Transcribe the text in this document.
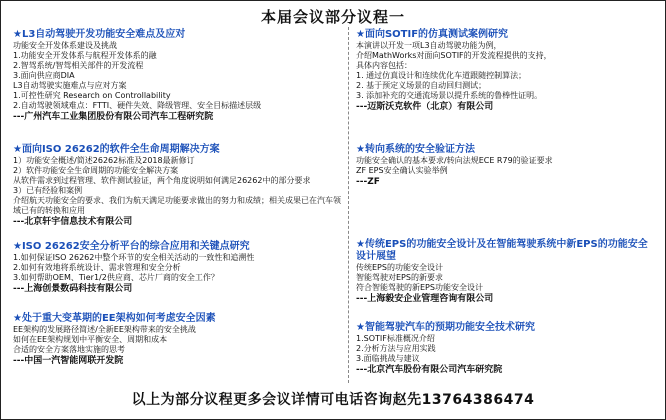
本届会议部分议程一
★L3自动驾驶开发功能安全难点及应对
功能安全开发体系建设及挑战
1.功能安全开发体系与航程开发体系的融
2.智驾系统/智驾相关部件的开发流程
3.面向供应商DIA
L3自动驾驶实施难点与应对方案
1.可控性研究 Research on Controllability
2.自动驾驶领域难点：FTTI、硬件失效、降级管理、安全目标描述层级
---广州汽车工业集团股份有限公司汽车工程研究院
★面向ISO 26262的软件全生命周期解决方案
1）功能安全概述/简述26262标准及2018最新修订
2）软件功能安全生命周期的功能安全解决方案
从软件需求到过程管理、软件测试验证，两个角度说明如何满足26262中的部分要求
3）已有经验和案例
介绍航天功能安全的要求、我们为航天满足功能要求做出的努力和成绩；相关成果已在汽车领域已有的转换和应用
---北京轩宇信息技术有限公司
★ISO 26262安全分析平台的综合应用和关键点研究
1.如何保证ISO 26262中整个环节的安全相关活动的一致性和追溯性
2.如何有效地将系统设计、需求管理和安全分析
3.如何帮助OEM、Tier1/2供应商、芯片厂商的安全工作？
---上海创景数码科技有限公司
★处于重大变革期的EE架构如何考虑安全因素
EE架构的发展路径简述/全新EE架构带来的安全挑战
如何在EE架构规划中平衡安全、周期和成本
合适的安全方案落地实施的思考
---中国一汽智能网联开发院
★面向SOTIF的仿真测试案例研究
本演讲以开发一项L3自动驾驶功能为例，
介绍MathWorks对面向SOTIF的开发流程提供的支持，
具体内容包括：
1. 通过仿真设计和连续优化车道跟随控制算法；
2. 基于预定义场景的自动回归测试；
3. 添加补充的交通流场景以提升系统的鲁棒性证明。
---迈斯沃克软件（北京）有限公司
★转向系统的安全验证方法
功能安全确认的基本要求/转向法规ECE R79的验证要求
ZF EPS安全确认实验举例
---ZF
★传统EPS的功能安全设计及在智能驾驶系统中新EPS的功能安全设计展望
传统EPS的功能安全设计
智能驾驶对EPS的新要求
符合智能驾驶的新EPS功能安全设计
---上海毅安企业管理咨询有限公司
★智能驾驶汽车的预期功能安全技术研究
1.SOTIF标准概况介绍
2.分析方法与应用实践
3.面临挑战与建议
---北京汽车股份有限公司汽车研究院
以上为部分议程更多会议详情可电话咨询赵先13764386474
